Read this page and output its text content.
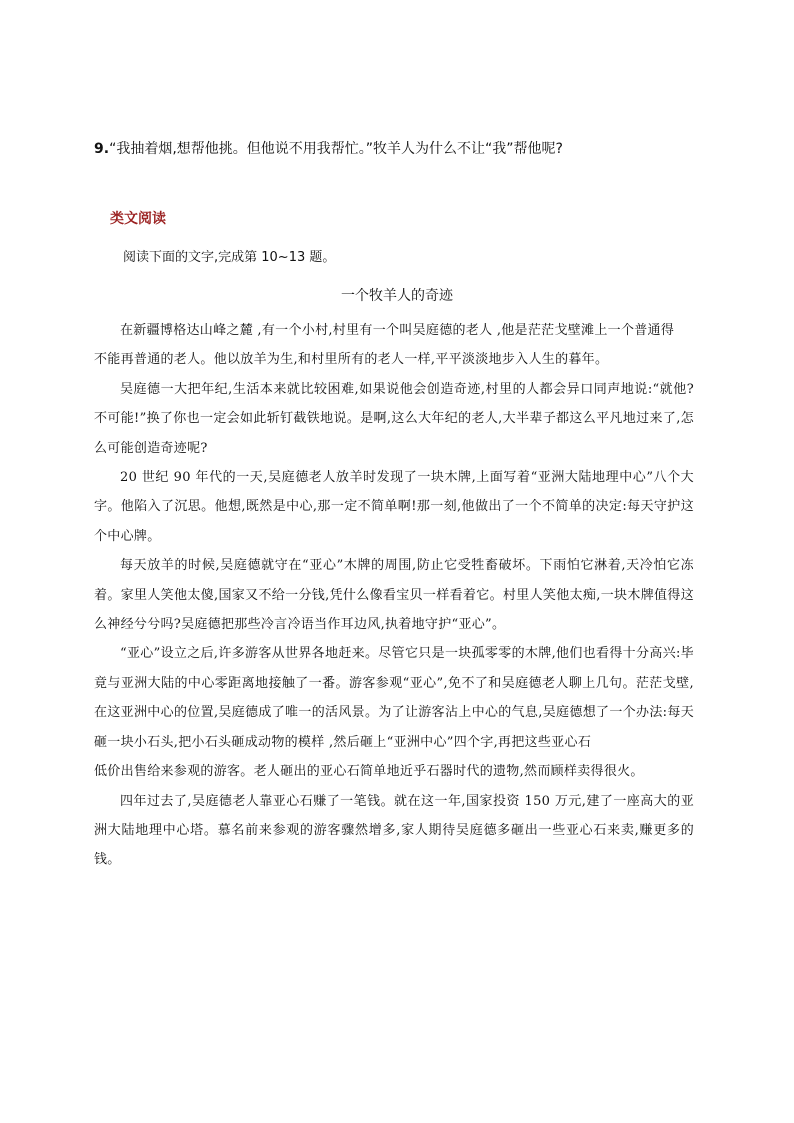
9.“我抽着烟,想帮他挑。但他说不用我帮忙。”牧羊人为什么不让“我”帮他呢?
类文阅读
阅读下面的文字,完成第 10~13 题。
一个牧羊人的奇迹

在新疆博格达山峰之麓 ,有一个小村,村里有一个叫吴庭德的老人 ,他是茫茫戈壁滩上一个普通得

不能再普通的老人。他以放羊为生,和村里所有的老人一样,平平淡淡地步入人生的暮年。

吴庭德一大把年纪,生活本来就比较困难,如果说他会创造奇迹,村里的人都会异口同声地说:“就他?不可能!”换了你也一定会如此斩钉截铁地说。是啊,这么大年纪的老人,大半辈子都这么平凡地过来了,怎么可能创造奇迹呢?

20 世纪 90 年代的一天,吴庭德老人放羊时发现了一块木牌,上面写着“亚洲大陆地理中心”八个大字。他陷入了沉思。他想,既然是中心,那一定不简单啊!那一刻,他做出了一个不简单的决定:每天守护这个中心牌。

每天放羊的时候,吴庭德就守在“亚心”木牌的周围,防止它受牲畜破坏。下雨怕它淋着,天冷怕它冻着。家里人笑他太傻,国家又不给一分钱,凭什么像看宝贝一样看着它。村里人笑他太痴,一块木牌值得这么神经兮兮吗?吴庭德把那些冷言冷语当作耳边风,执着地守护“亚心”。

“亚心”设立之后,许多游客从世界各地赶来。尽管它只是一块孤零零的木牌,他们也看得十分高兴:毕竟与亚洲大陆的中心零距离地接触了一番。游客参观“亚心”,免不了和吴庭德老人聊上几句。茫茫戈壁,在这亚洲中心的位置,吴庭德成了唯一的活风景。为了让游客沾上中心的气息,吴庭德想了一个办法:每天砸一块小石头,把小石头砸成动物的模样 ,然后砸上“亚洲中心”四个字,再把这些亚心石

低价出售给来参观的游客。老人砸出的亚心石简单地近乎石器时代的遗物,然而顾样卖得很火。

四年过去了,吴庭德老人靠亚心石赚了一笔钱。就在这一年,国家投资 150 万元,建了一座高大的亚洲大陆地理中心塔。慕名前来参观的游客骤然增多,家人期待吴庭德多砸出一些亚心石来卖,赚更多的钱。
